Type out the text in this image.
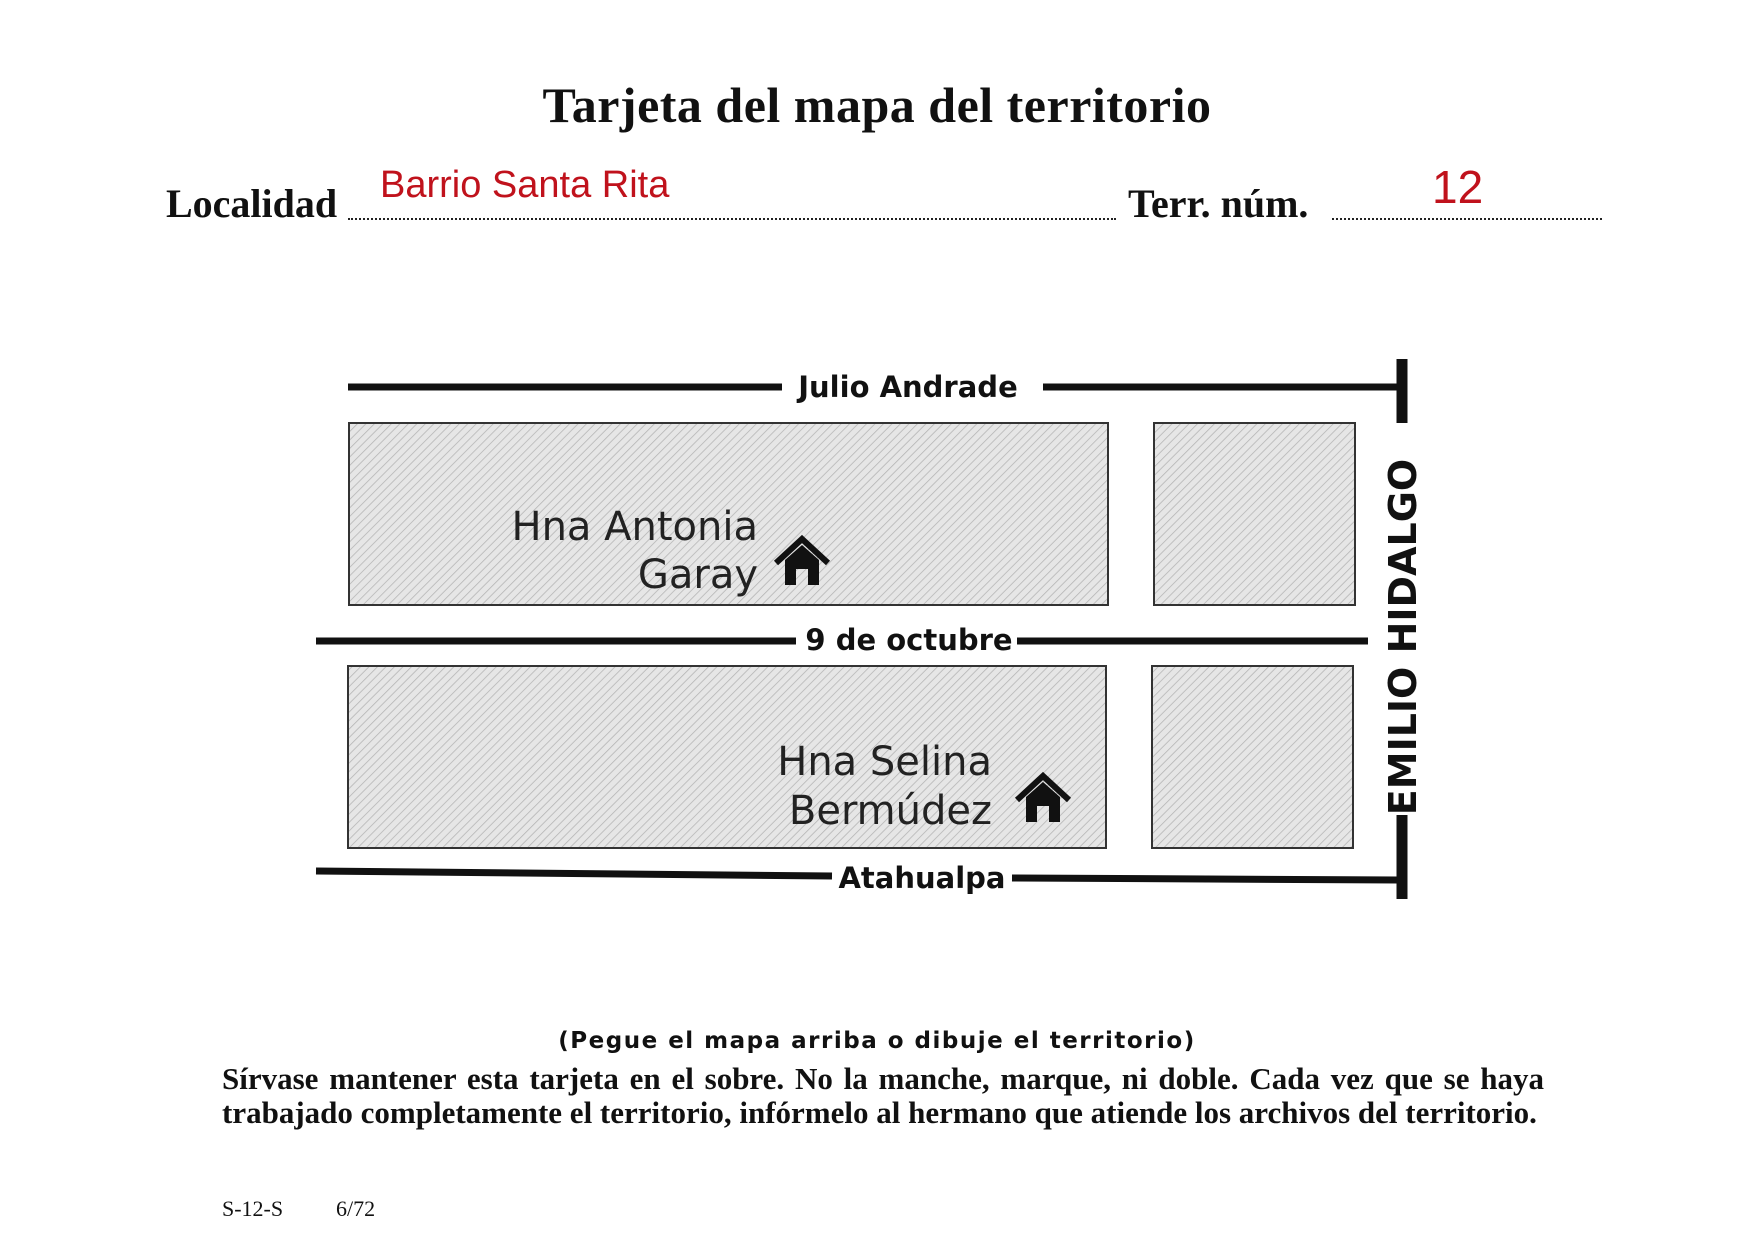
Tarjeta del mapa del territorio
Localidad Barrio Santa Rita	Terr. núm.	12
Julio Andrade
9 de octubre
Atahualpa
EMILIO HIDALGO
Hna Antonia
Garay
Hna Selina
Bermúdez
(Pegue el mapa arriba o dibuje el territorio)

Sírvase mantener esta tarjeta en el sobre. No la manche, marque, ni doble. Cada vez que se haya trabajado completamente el territorio, infórmelo al hermano que atiende los archivos del territorio.

S-12-S 6/72
